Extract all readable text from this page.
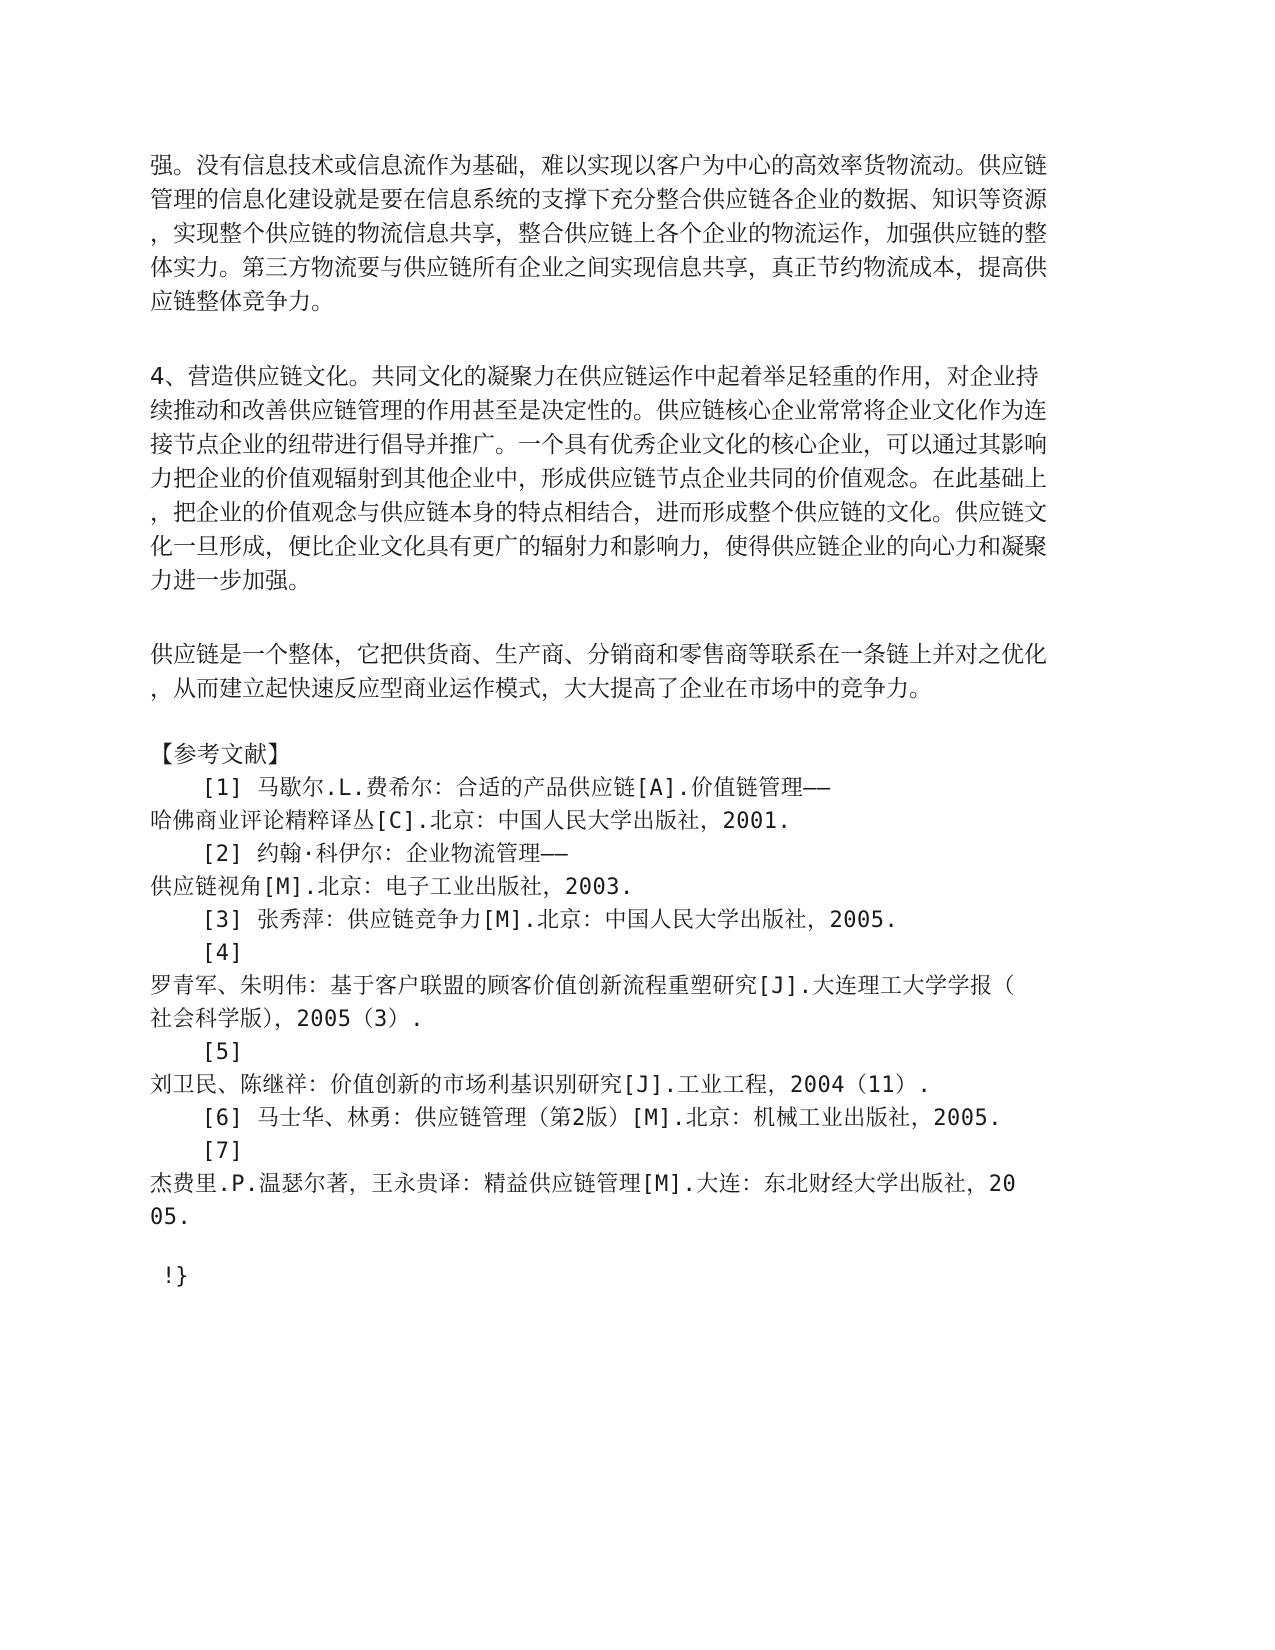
强。没有信息技术或信息流作为基础，难以实现以客户为中心的高效率货物流动。供应链
管理的信息化建设就是要在信息系统的支撑下充分整合供应链各企业的数据、知识等资源
，实现整个供应链的物流信息共享，整合供应链上各个企业的物流运作，加强供应链的整
体实力。第三方物流要与供应链所有企业之间实现信息共享，真正节约物流成本，提高供
应链整体竞争力。
4、营造供应链文化。共同文化的凝聚力在供应链运作中起着举足轻重的作用，对企业持
续推动和改善供应链管理的作用甚至是决定性的。供应链核心企业常常将企业文化作为连
接节点企业的纽带进行倡导并推广。一个具有优秀企业文化的核心企业，可以通过其影响
力把企业的价值观辐射到其他企业中，形成供应链节点企业共同的价值观念。在此基础上
，把企业的价值观念与供应链本身的特点相结合，进而形成整个供应链的文化。供应链文
化一旦形成，便比企业文化具有更广的辐射力和影响力，使得供应链企业的向心力和凝聚
力进一步加强。
供应链是一个整体，它把供货商、生产商、分销商和零售商等联系在一条链上并对之优化
，从而建立起快速反应型商业运作模式，大大提高了企业在市场中的竞争力。
【参考文献】
[1] 马歇尔.L.费希尔：合适的产品供应链[A].价值链管理——
哈佛商业评论精粹译丛[C].北京：中国人民大学出版社，2001.
[2] 约翰·科伊尔：企业物流管理——
供应链视角[M].北京：电子工业出版社，2003.
[3] 张秀萍：供应链竞争力[M].北京：中国人民大学出版社，2005.
[4]
罗青军、朱明伟：基于客户联盟的顾客价值创新流程重塑研究[J].大连理工大学学报（
社会科学版），2005（3）.
[5]
刘卫民、陈继祥：价值创新的市场利基识别研究[J].工业工程，2004（11）.
[6] 马士华、林勇：供应链管理（第2版）[M].北京：机械工业出版社，2005.
[7]
杰费里.P.温瑟尔著，王永贵译：精益供应链管理[M].大连：东北财经大学出版社，20
05.
!}
